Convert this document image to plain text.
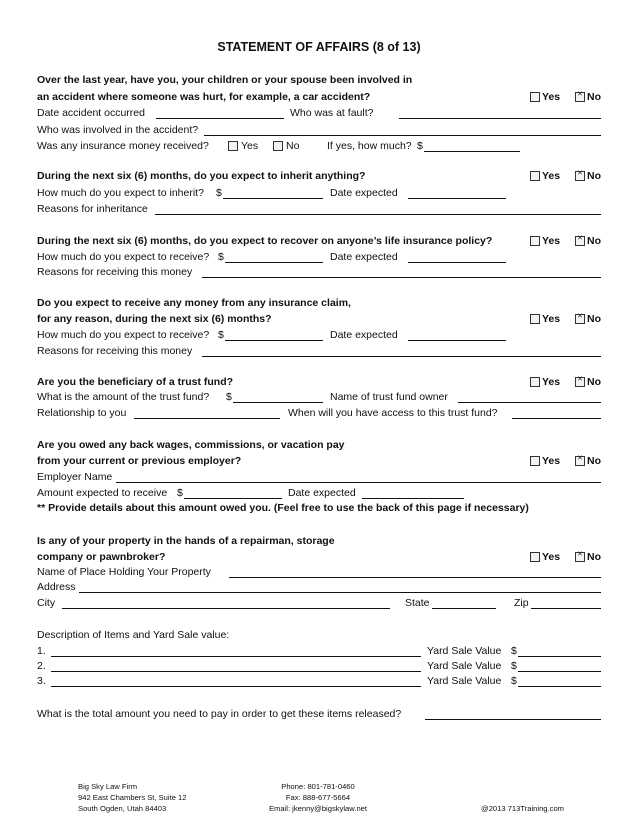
STATEMENT OF AFFAIRS (8 of 13)
Over the last year, have you, your children or your spouse been involved in
an accident where someone was hurt, for example, a car accident?	Yes ✕	No
Date accident occurred	Who was at fault?
Who was involved in the accident?
Was any insurance money received?	Yes	No	If yes, how much? $
During the next six (6) months, do you expect to inherit anything?	Yes ✕	No
How much do you expect to inherit? $	Date expected
Reasons for inheritance
During the next six (6) months, do you expect to recover on anyone’s life insurance policy?	Yes ✕	No
How much do you expect to receive? $	Date expected
Reasons for receiving this money
Do you expect to receive any money from any insurance claim,
for any reason, during the next six (6) months?	Yes ✕	No
How much do you expect to receive? $	Date expected
Reasons for receiving this money
Are you the beneficiary of a trust fund?	Yes ✕	No
What is the amount of the trust fund? $	Name of trust fund owner
Relationship to you	When will you have access to this trust fund?
Are you owed any back wages, commissions, or vacation pay
from your current or previous employer?	Yes ✕	No
Employer Name
Amount expected to receive $	Date expected
** Provide details about this amount owed you. (Feel free to use the back of this page if necessary)
Is any of your property in the hands of a repairman, storage
company or pawnbroker?	Yes ✕	No
Name of Place Holding Your Property
Address
City	State	Zip
Description of Items and Yard Sale value:
1.	Yard Sale Value $
2.	Yard Sale Value $
3.	Yard Sale Value $
What is the total amount you need to pay in order to get these items released?
Big Sky Law Firm
942 East Chambers St, Suite 12
South Ogden, Utah 84403
Phone: 801-781-0460
Fax: 888-677-5664
Email: jkenny@bigskylaw.net	@2013 713Training.com
